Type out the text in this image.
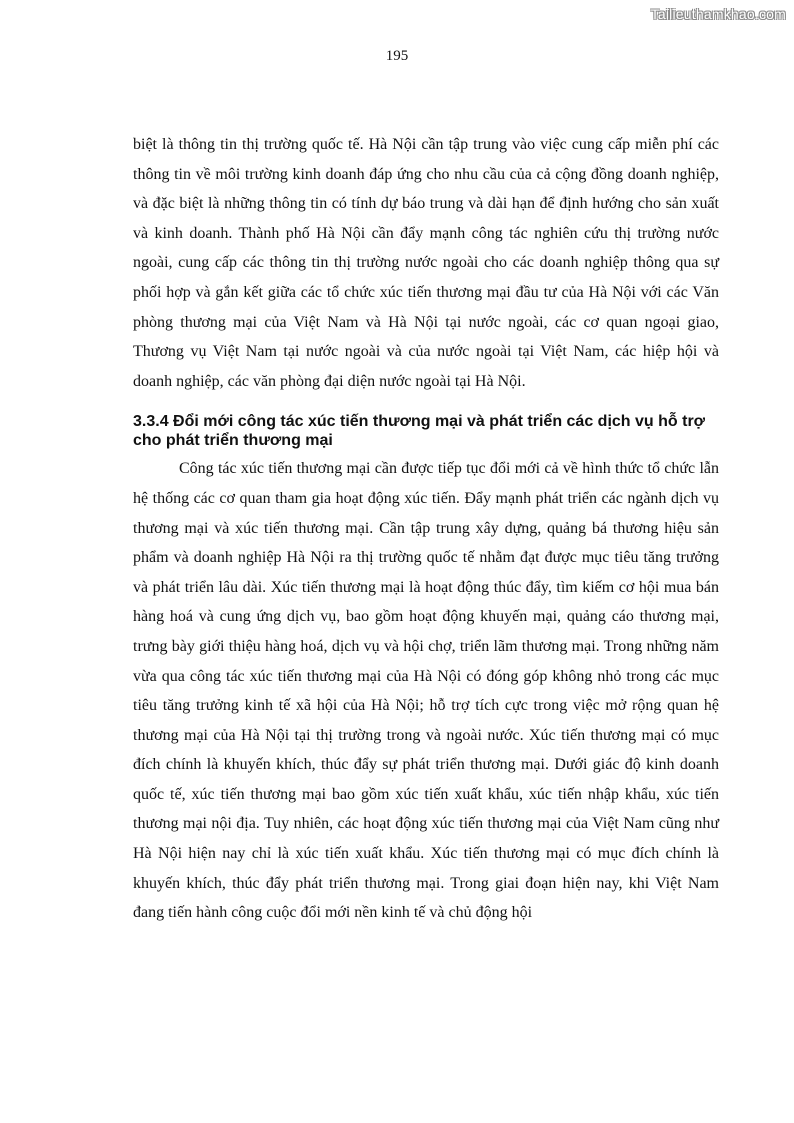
Tailieuthamkhao.com
195

biệt là thông tin thị trường quốc tế. Hà Nội cần tập trung vào việc cung cấp miễn phí các thông tin về môi trường kinh doanh đáp ứng cho nhu cầu của cả cộng đồng doanh nghiệp, và đặc biệt là những thông tin có tính dự báo trung và dài hạn để định hướng cho sản xuất và kinh doanh. Thành phố Hà Nội cần đẩy mạnh công tác nghiên cứu thị trường nước ngoài, cung cấp các thông tin thị trường nước ngoài cho các doanh nghiệp thông qua sự phối hợp và gắn kết giữa các tổ chức xúc tiến thương mại đầu tư của Hà Nội với các Văn phòng thương mại của Việt Nam và Hà Nội tại nước ngoài, các cơ quan ngoại giao, Thương vụ Việt Nam tại nước ngoài và của nước ngoài tại Việt Nam, các hiệp hội và doanh nghiệp, các văn phòng đại diện nước ngoài tại Hà Nội.

3.3.4 Đổi mới công tác xúc tiến thương mại và phát triển các dịch vụ hỗ trợ cho phát triển thương mại

Công tác xúc tiến thương mại cần được tiếp tục đổi mới cả về hình thức tổ chức lẫn hệ thống các cơ quan tham gia hoạt động xúc tiến. Đẩy mạnh phát triển các ngành dịch vụ thương mại và xúc tiến thương mại. Cần tập trung xây dựng, quảng bá thương hiệu sản phẩm và doanh nghiệp Hà Nội ra thị trường quốc tế nhằm đạt được mục tiêu tăng trưởng và phát triển lâu dài. Xúc tiến thương mại là hoạt động thúc đẩy, tìm kiếm cơ hội mua bán hàng hoá và cung ứng dịch vụ, bao gồm hoạt động khuyến mại, quảng cáo thương mại, trưng bày giới thiệu hàng hoá, dịch vụ và hội chợ, triển lãm thương mại. Trong những năm vừa qua công tác xúc tiến thương mại của Hà Nội có đóng góp không nhỏ trong các mục tiêu tăng trưởng kinh tế xã hội của Hà Nội; hỗ trợ tích cực trong việc mở rộng quan hệ thương mại của Hà Nội tại thị trường trong và ngoài nước. Xúc tiến thương mại có mục đích chính là khuyến khích, thúc đẩy sự phát triển thương mại. Dưới giác độ kinh doanh quốc tế, xúc tiến thương mại bao gồm xúc tiến xuất khẩu, xúc tiến nhập khẩu, xúc tiến thương mại nội địa. Tuy nhiên, các hoạt động xúc tiến thương mại của Việt Nam cũng như Hà Nội hiện nay chỉ là xúc tiến xuất khẩu. Xúc tiến thương mại có mục đích chính là khuyến khích, thúc đẩy phát triển thương mại. Trong giai đoạn hiện nay, khi Việt Nam đang tiến hành công cuộc đổi mới nền kinh tế và chủ động hội
